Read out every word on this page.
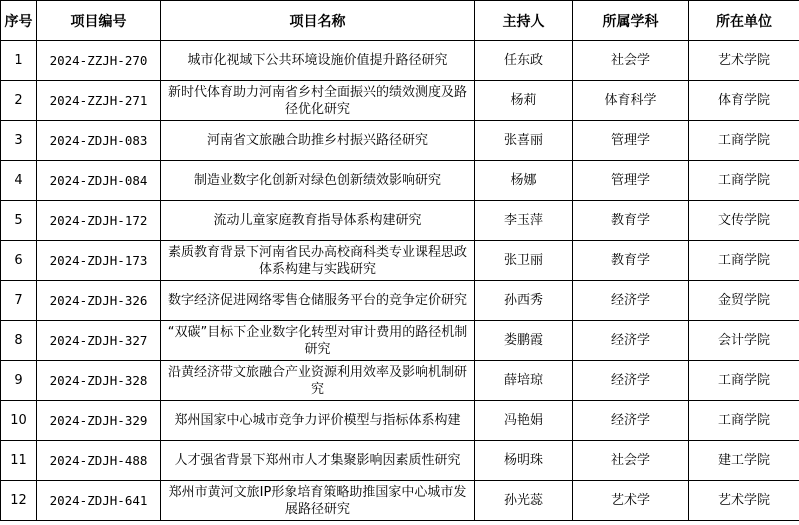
序号	项目编号	项目名称	主持人	所属学科	所在单位
1	2024-ZZJH-270	城市化视域下公共环境设施价值提升路径研究	任东政	社会学	艺术学院
2	2024-ZZJH-271	新时代体育助力河南省乡村全面振兴的绩效测度及路径优化研究	杨莉	体育科学	体育学院
3	2024-ZDJH-083	河南省文旅融合助推乡村振兴路径研究	张喜丽	管理学	工商学院
4	2024-ZDJH-084	制造业数字化创新对绿色创新绩效影响研究	杨娜	管理学	工商学院
5	2024-ZDJH-172	流动儿童家庭教育指导体系构建研究	李玉萍	教育学	文传学院
6	2024-ZDJH-173	素质教育背景下河南省民办高校商科类专业课程思政体系构建与实践研究	张卫丽	教育学	工商学院
7	2024-ZDJH-326	数字经济促进网络零售仓储服务平台的竞争定价研究	孙西秀	经济学	金贸学院
8	2024-ZDJH-327	“双碳”目标下企业数字化转型对审计费用的路径机制研究	娄鹏霞	经济学	会计学院
9	2024-ZDJH-328	沿黄经济带文旅融合产业资源利用效率及影响机制研究	薛培琼	经济学	工商学院
10	2024-ZDJH-329	郑州国家中心城市竞争力评价模型与指标体系构建	冯艳娟	经济学	工商学院
11	2024-ZDJH-488	人才强省背景下郑州市人才集聚影响因素质性研究	杨明珠	社会学	建工学院
12	2024-ZDJH-641	郑州市黄河文旅IP形象培育策略助推国家中心城市发展路径研究	孙光蕊	艺术学	艺术学院
